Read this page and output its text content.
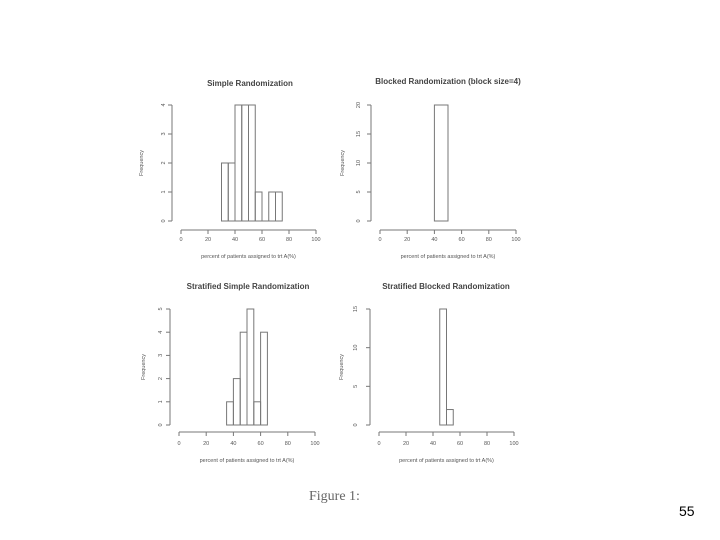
Simple Randomization
0	20	40	60	80	100
0
1
2
3
4
percent of patients assigned to trt A(%)
Frequency
Blocked Randomization (block size=4)
0	20	40	60	80	100
0
5
10
15
20
percent of patients assigned to trt A(%)
Frequency
Stratified Simple Randomization
0	20	40	60	80	100
0
1
2
3
4
5
percent of patients assigned to trt A(%)
Frequency
Stratified Blocked Randomization
0	20	40	60	80	100
0
5
10
15
percent of patients assigned to trt A(%)
Frequency
Figure 1:
55
